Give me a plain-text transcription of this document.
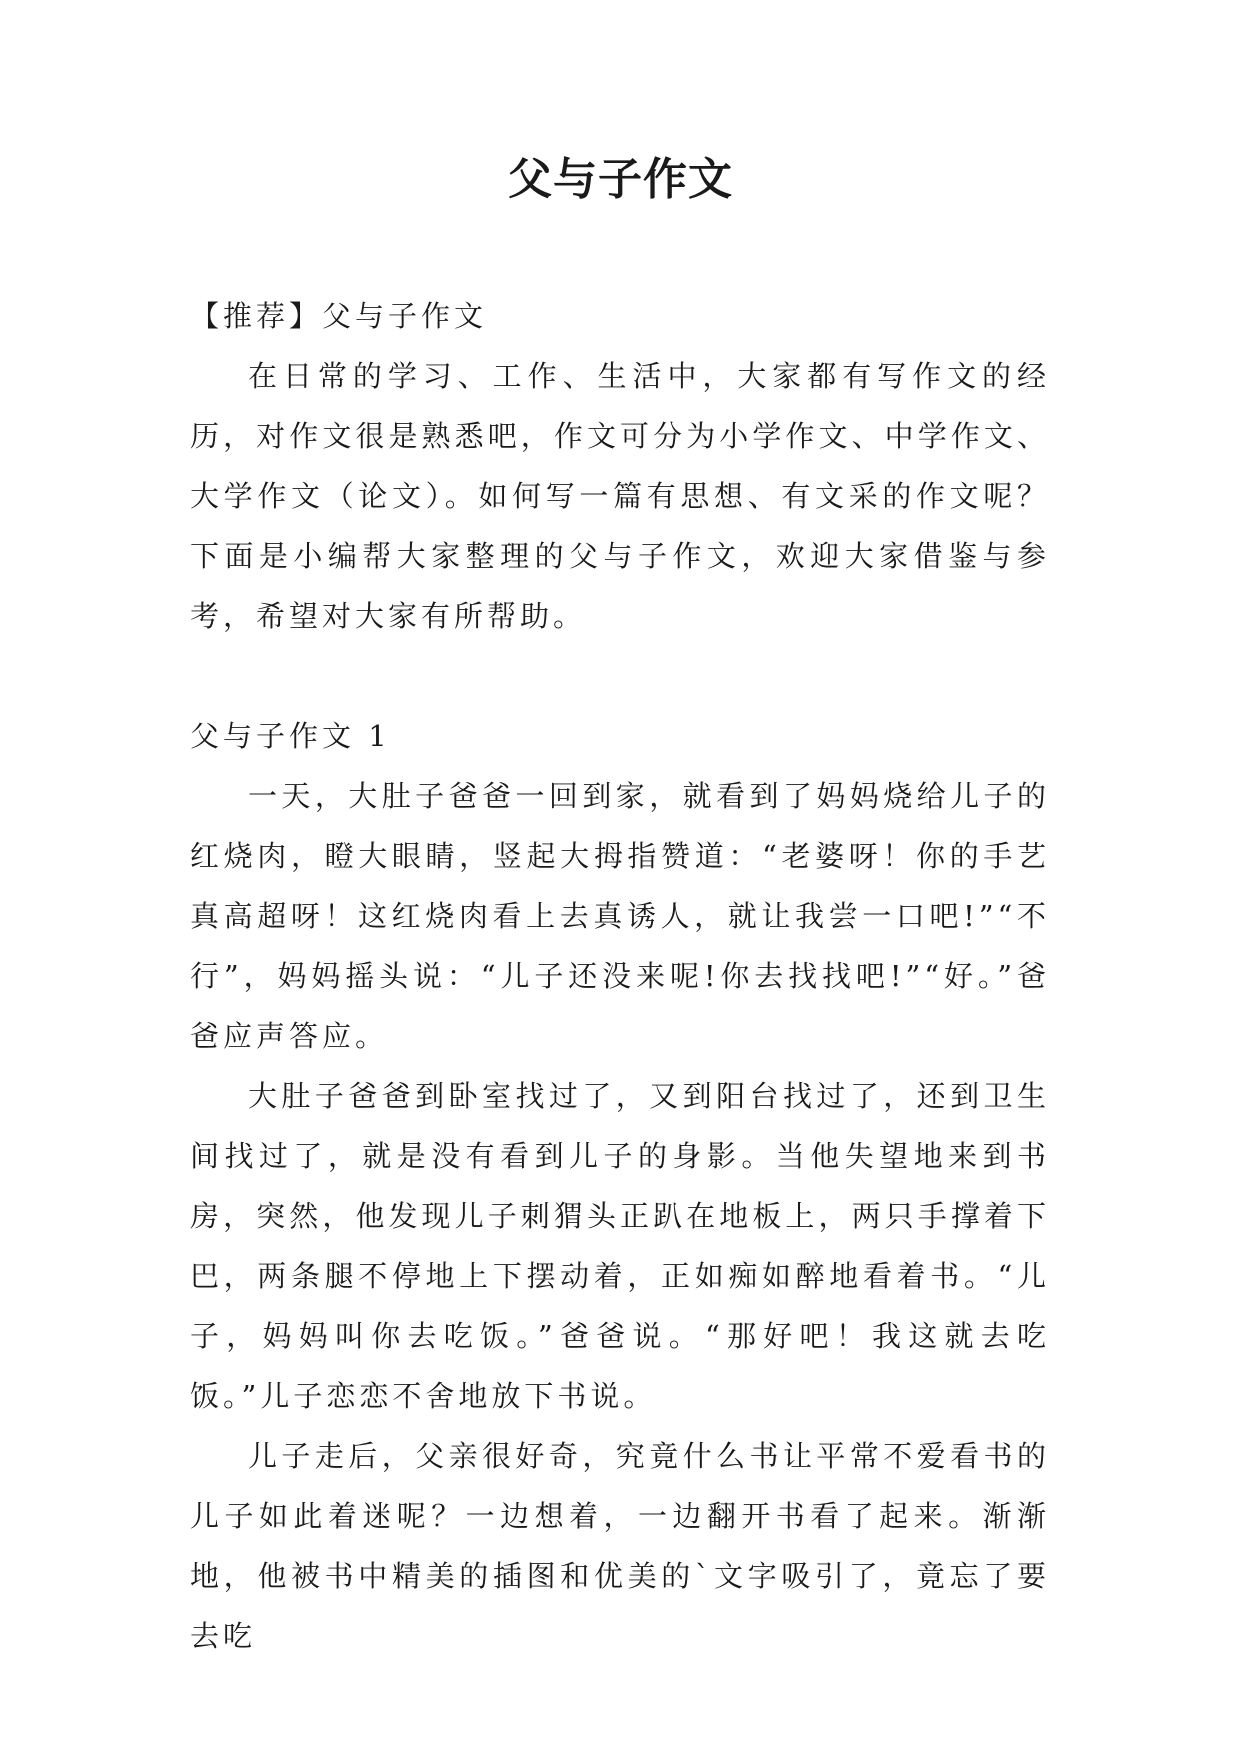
父与子作文

【推荐】父与子作文

在日常的学习、工作、生活中，大家都有写作文的经历，对作文很是熟悉吧，作文可分为小学作文、中学作文、大学作文（论文）。如何写一篇有思想、有文采的作文呢？下面是小编帮大家整理的父与子作文，欢迎大家借鉴与参考，希望对大家有所帮助。

父与子作文 1

一天，大肚子爸爸一回到家，就看到了妈妈烧给儿子的红烧肉，瞪大眼睛，竖起大拇指赞道：“老婆呀！你的手艺真高超呀！这红烧肉看上去真诱人，就让我尝一口吧!”“不行”，妈妈摇头说：“儿子还没来呢!你去找找吧!”“好。”爸爸应声答应。

大肚子爸爸到卧室找过了，又到阳台找过了，还到卫生间找过了，就是没有看到儿子的身影。当他失望地来到书房，突然，他发现儿子刺猬头正趴在地板上，两只手撑着下巴，两条腿不停地上下摆动着，正如痴如醉地看着书。“儿子，妈妈叫你去吃饭。”爸爸说。“那好吧！我这就去吃饭。”儿子恋恋不舍地放下书说。

儿子走后，父亲很好奇，究竟什么书让平常不爱看书的儿子如此着迷呢？一边想着，一边翻开书看了起来。渐渐地，他被书中精美的插图和优美的`文字吸引了，竟忘了要去吃
